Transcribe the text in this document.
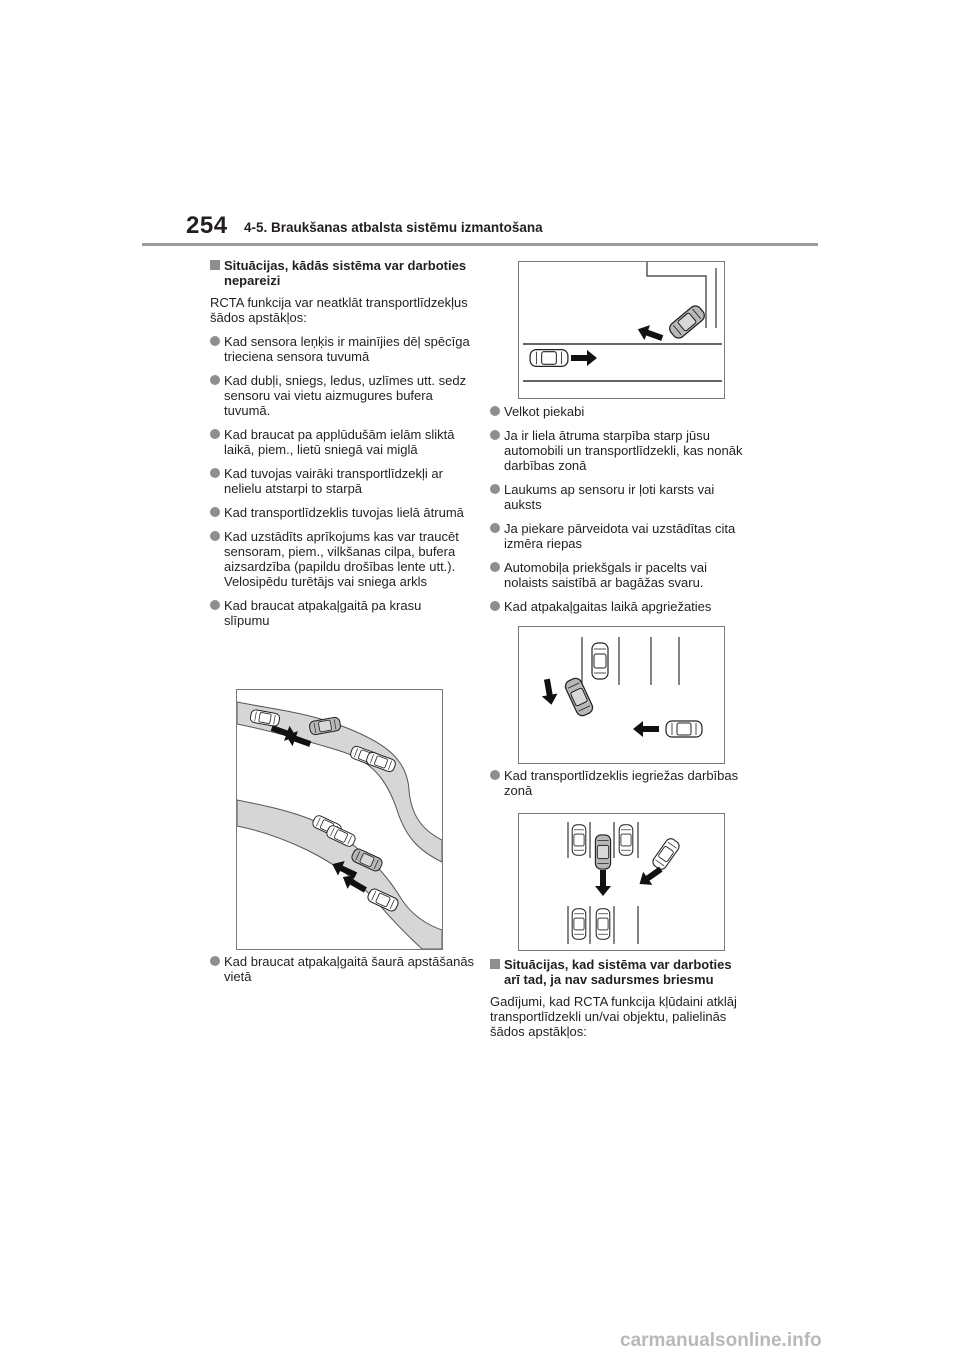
254 4-5. Braukšanas atbalsta sistēmu izmantošana
Situācijas, kādās sistēma var darboties nepareizi
RCTA funkcija var neatklāt transportlīdzekļus šādos apstākļos:
Kad sensora leņķis ir mainījies dēļ spēcīga trieciena sensora tuvumā
Kad dubļi, sniegs, ledus, uzlīmes utt. sedz sensoru vai vietu aizmugures bufera tuvumā.
Kad braucat pa applūdušām ielām sliktā laikā, piem., lietū sniegā vai miglā
Kad tuvojas vairāki transportlīdzekļi ar nelielu atstarpi to starpā
Kad transportlīdzeklis tuvojas lielā ātrumā
Kad uzstādīts aprīkojums kas var traucēt sensoram, piem., vilkšanas cilpa, bufera aizsardzība (papildu drošības lente utt.). Velosipēdu turētājs vai sniega arkls
Kad braucat atpakaļgaitā pa krasu slīpumu
Kad braucat atpakaļgaitā šaurā apstāšanās vietā
Velkot piekabi
Ja ir liela ātruma starpība starp jūsu automobili un transportlīdzekli, kas nonāk darbības zonā
Laukums ap sensoru ir ļoti karsts vai auksts
Ja piekare pārveidota vai uzstādītas cita izmēra riepas
Automobiļa priekšgals ir pacelts vai nolaists saistībā ar bagāžas svaru.
Kad atpakaļgaitas laikā apgriežaties
Kad transportlīdzeklis iegriežas darbības zonā
Situācijas, kad sistēma var darboties arī tad, ja nav sadursmes briesmu
Gadījumi, kad RCTA funkcija kļūdaini atklāj transportlīdzekli un/vai objektu, palielinās šādos apstākļos:
carmanualsonline.info
